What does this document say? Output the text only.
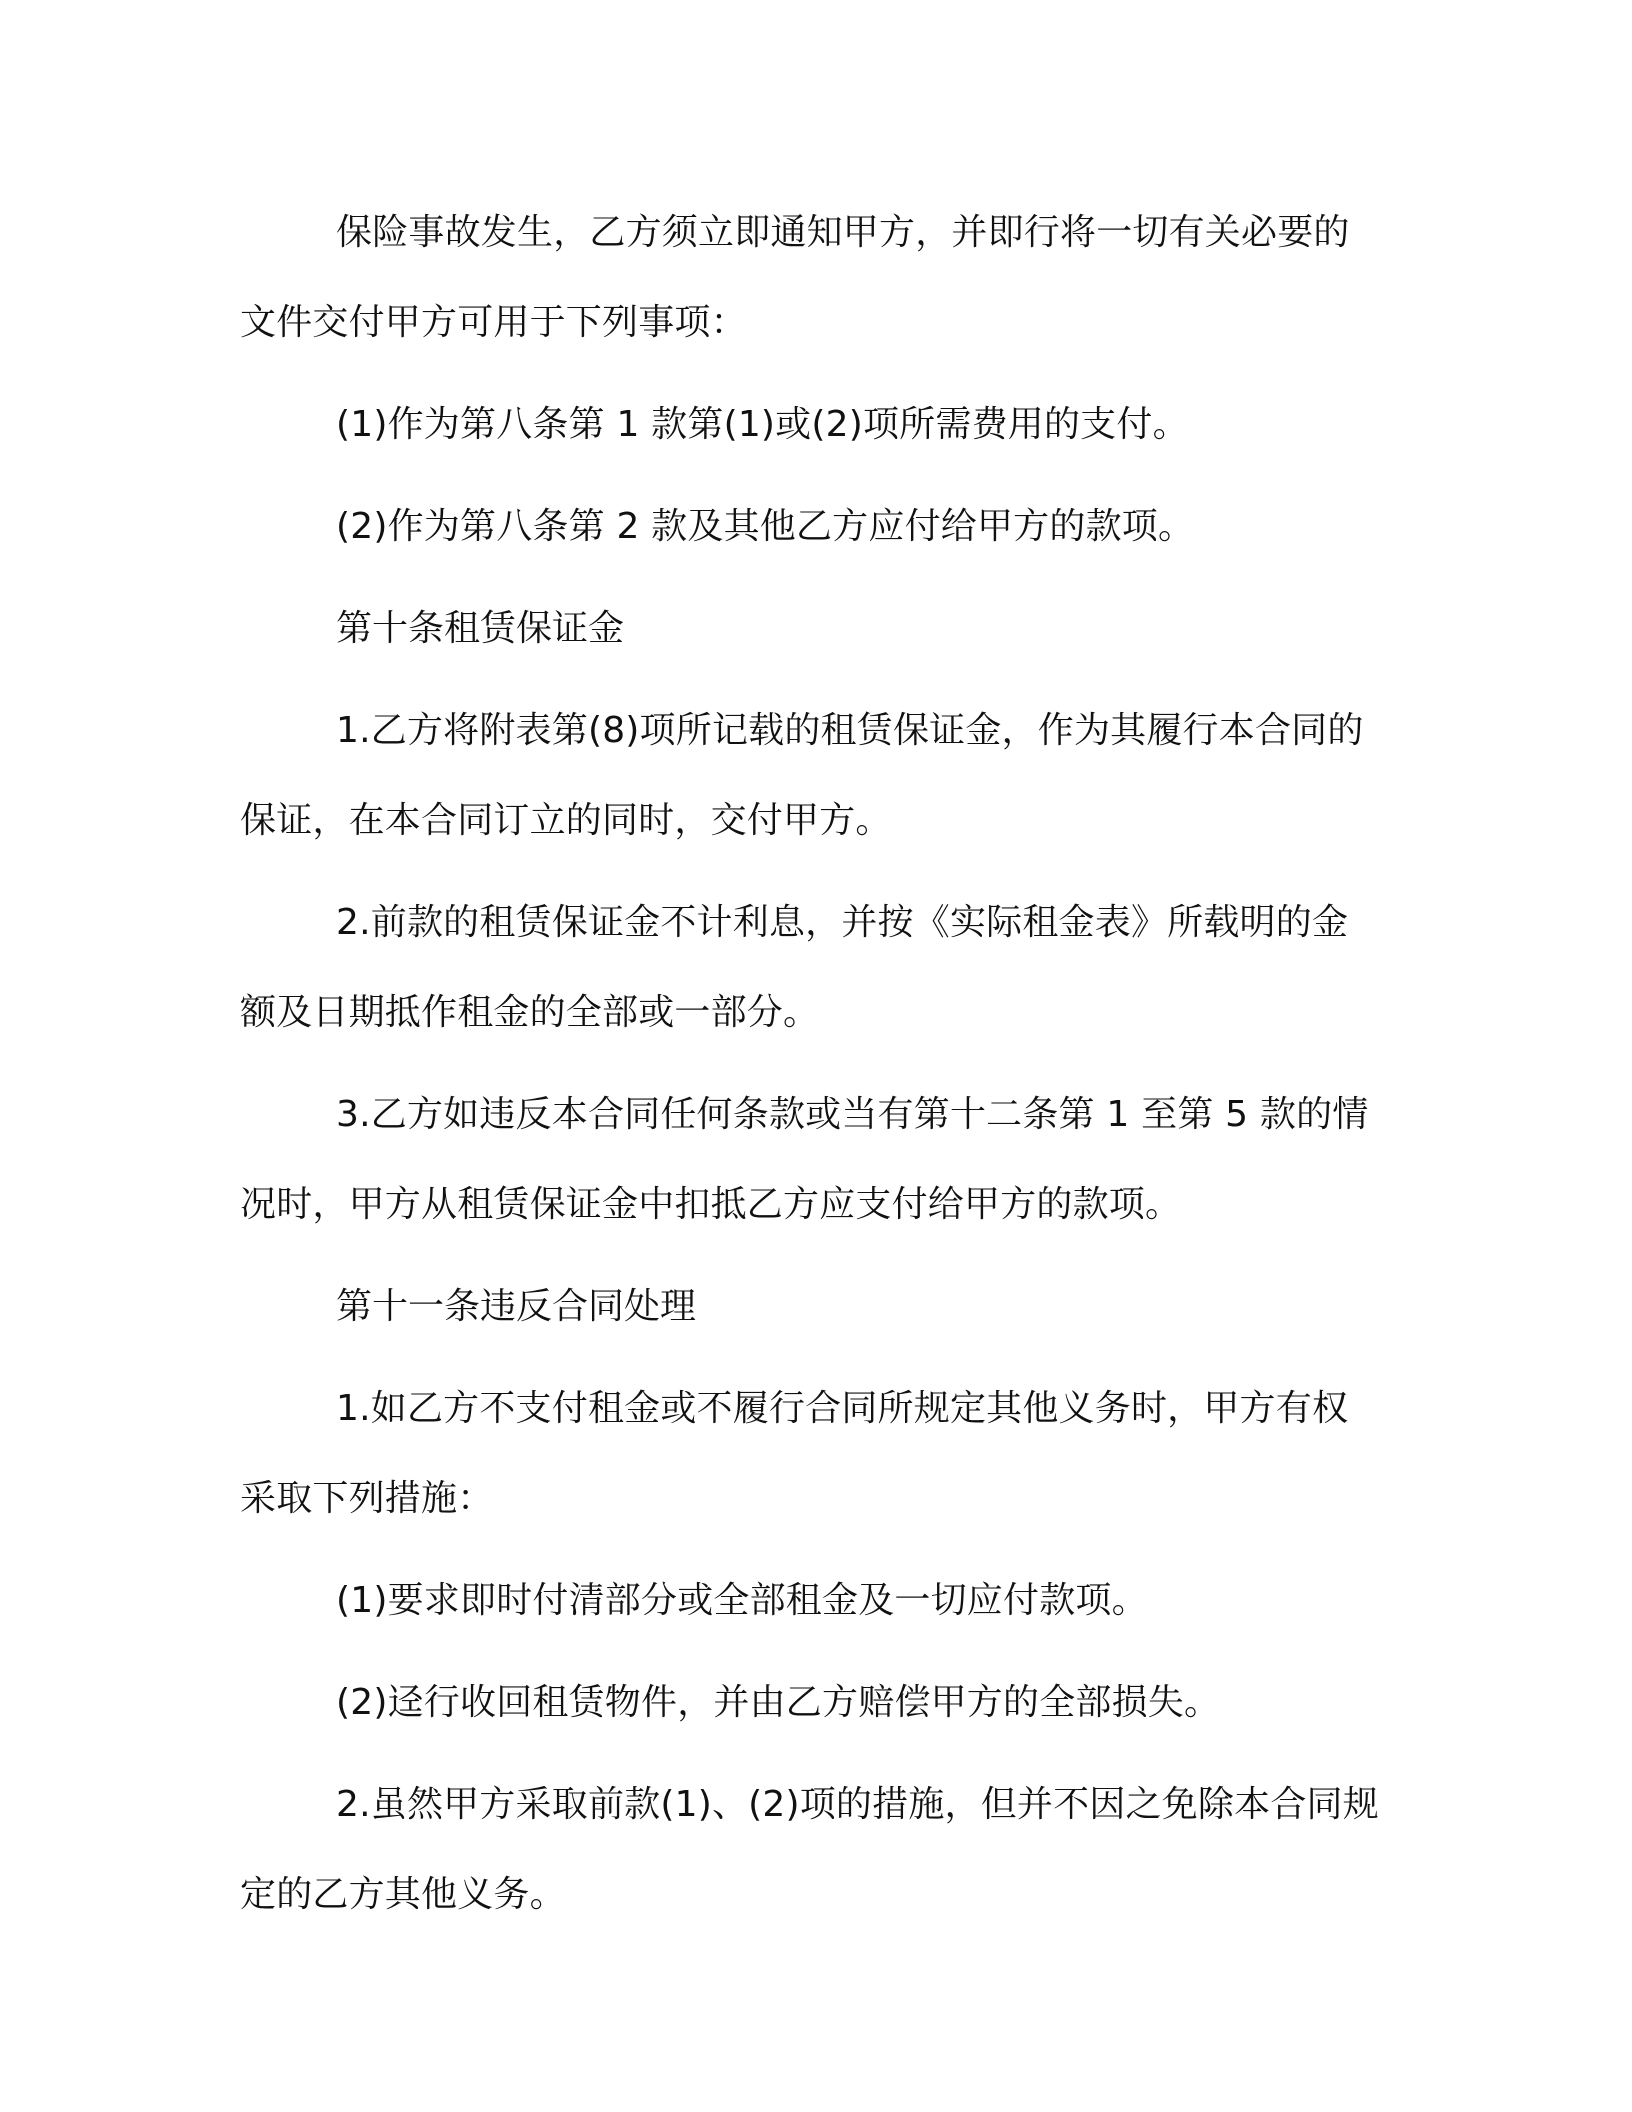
保险事故发生，乙方须立即通知甲方，并即行将一切有关必要的文件交付甲方可用于下列事项：

(1)作为第八条第 1 款第(1)或(2)项所需费用的支付。

(2)作为第八条第 2 款及其他乙方应付给甲方的款项。

第十条租赁保证金

1.乙方将附表第(8)项所记载的租赁保证金，作为其履行本合同的保证，在本合同订立的同时，交付甲方。

2.前款的租赁保证金不计利息，并按《实际租金表》所载明的金额及日期抵作租金的全部或一部分。

3.乙方如违反本合同任何条款或当有第十二条第 1 至第 5 款的情况时，甲方从租赁保证金中扣抵乙方应支付给甲方的款项。

第十一条违反合同处理

1.如乙方不支付租金或不履行合同所规定其他义务时，甲方有权采取下列措施：

(1)要求即时付清部分或全部租金及一切应付款项。

(2)迳行收回租赁物件，并由乙方赔偿甲方的全部损失。

2.虽然甲方采取前款(1)、(2)项的措施，但并不因之免除本合同规定的乙方其他义务。
